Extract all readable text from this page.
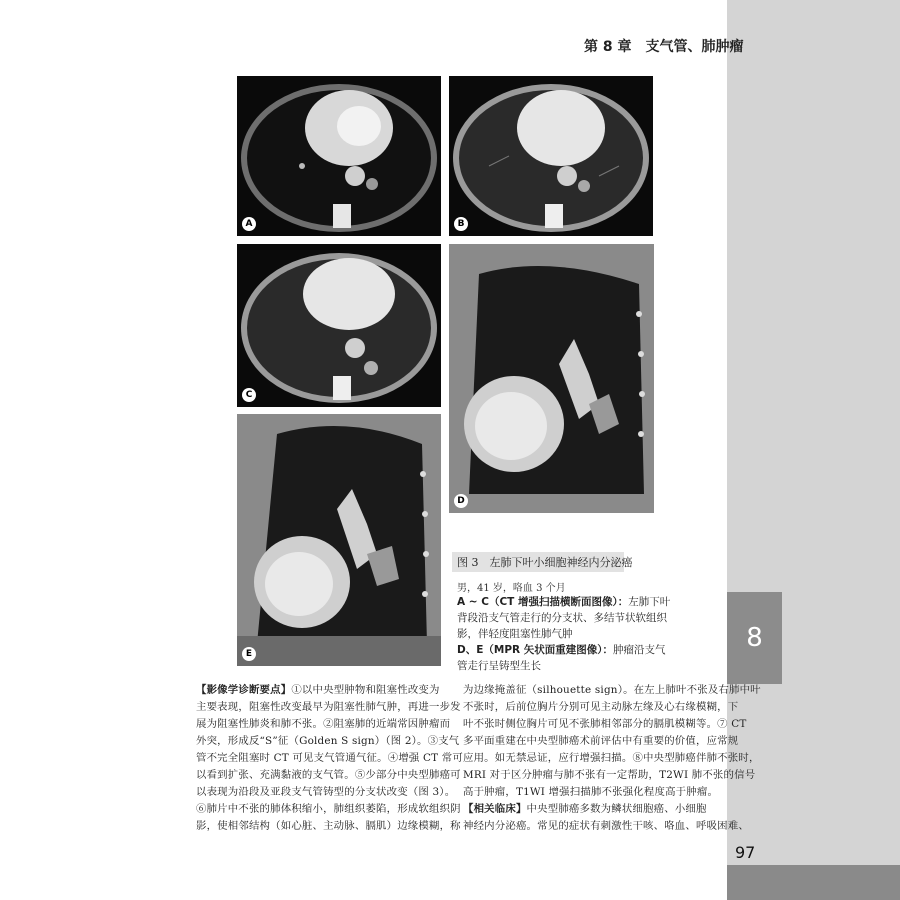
8
97
第 8 章　支气管、肺肿瘤
A	B
C
D
E
图 3　左肺下叶小细胞神经内分泌癌
男，41 岁，咯血 3 个月
A ~ C（CT 增强扫描横断面图像）：左肺下叶
背段沿支气管走行的分支状、多结节状软组织
影，伴轻度阻塞性肺气肿
D、E（MPR 矢状面重建图像）：肿瘤沿支气
管走行呈铸型生长
【影像学诊断要点】①以中央型肿物和阻塞性改变为
主要表现，阻塞性改变最早为阻塞性肺气肿，再进一步发
展为阻塞性肺炎和肺不张。②阻塞肺的近端常因肿瘤而
外突，形成反“S”征（Golden S sign）（图 2）。③支气
管不完全阻塞时 CT 可见支气管通气征。④增强 CT 常可
以看到扩张、充满黏液的支气管。⑤少部分中央型肺癌可
以表现为沿段及亚段支气管铸型的分支状改变（图 3）。
⑥肺片中不张的肺体积缩小，肺组织萎陷，形成软组织阴
影，使相邻结构（如心脏、主动脉、膈肌）边缘模糊，称
为边缘掩盖征（silhouette sign）。在左上肺叶不张及右肺中叶
不张时，后前位胸片分别可见主动脉左缘及心右缘模糊，下
叶不张时侧位胸片可见不张肺相邻部分的膈肌模糊等。⑦ CT
多平面重建在中央型肺癌术前评估中有重要的价值，应常规
应用。如无禁忌证，应行增强扫描。⑧中央型肺癌伴肺不张时，
MRI 对于区分肿瘤与肺不张有一定帮助，T2WI 肺不张的信号
高于肿瘤，T1WI 增强扫描肺不张强化程度高于肿瘤。
【相关临床】中央型肺癌多数为鳞状细胞癌、小细胞
神经内分泌癌。常见的症状有刺激性干咳、咯血、呼吸困难、
